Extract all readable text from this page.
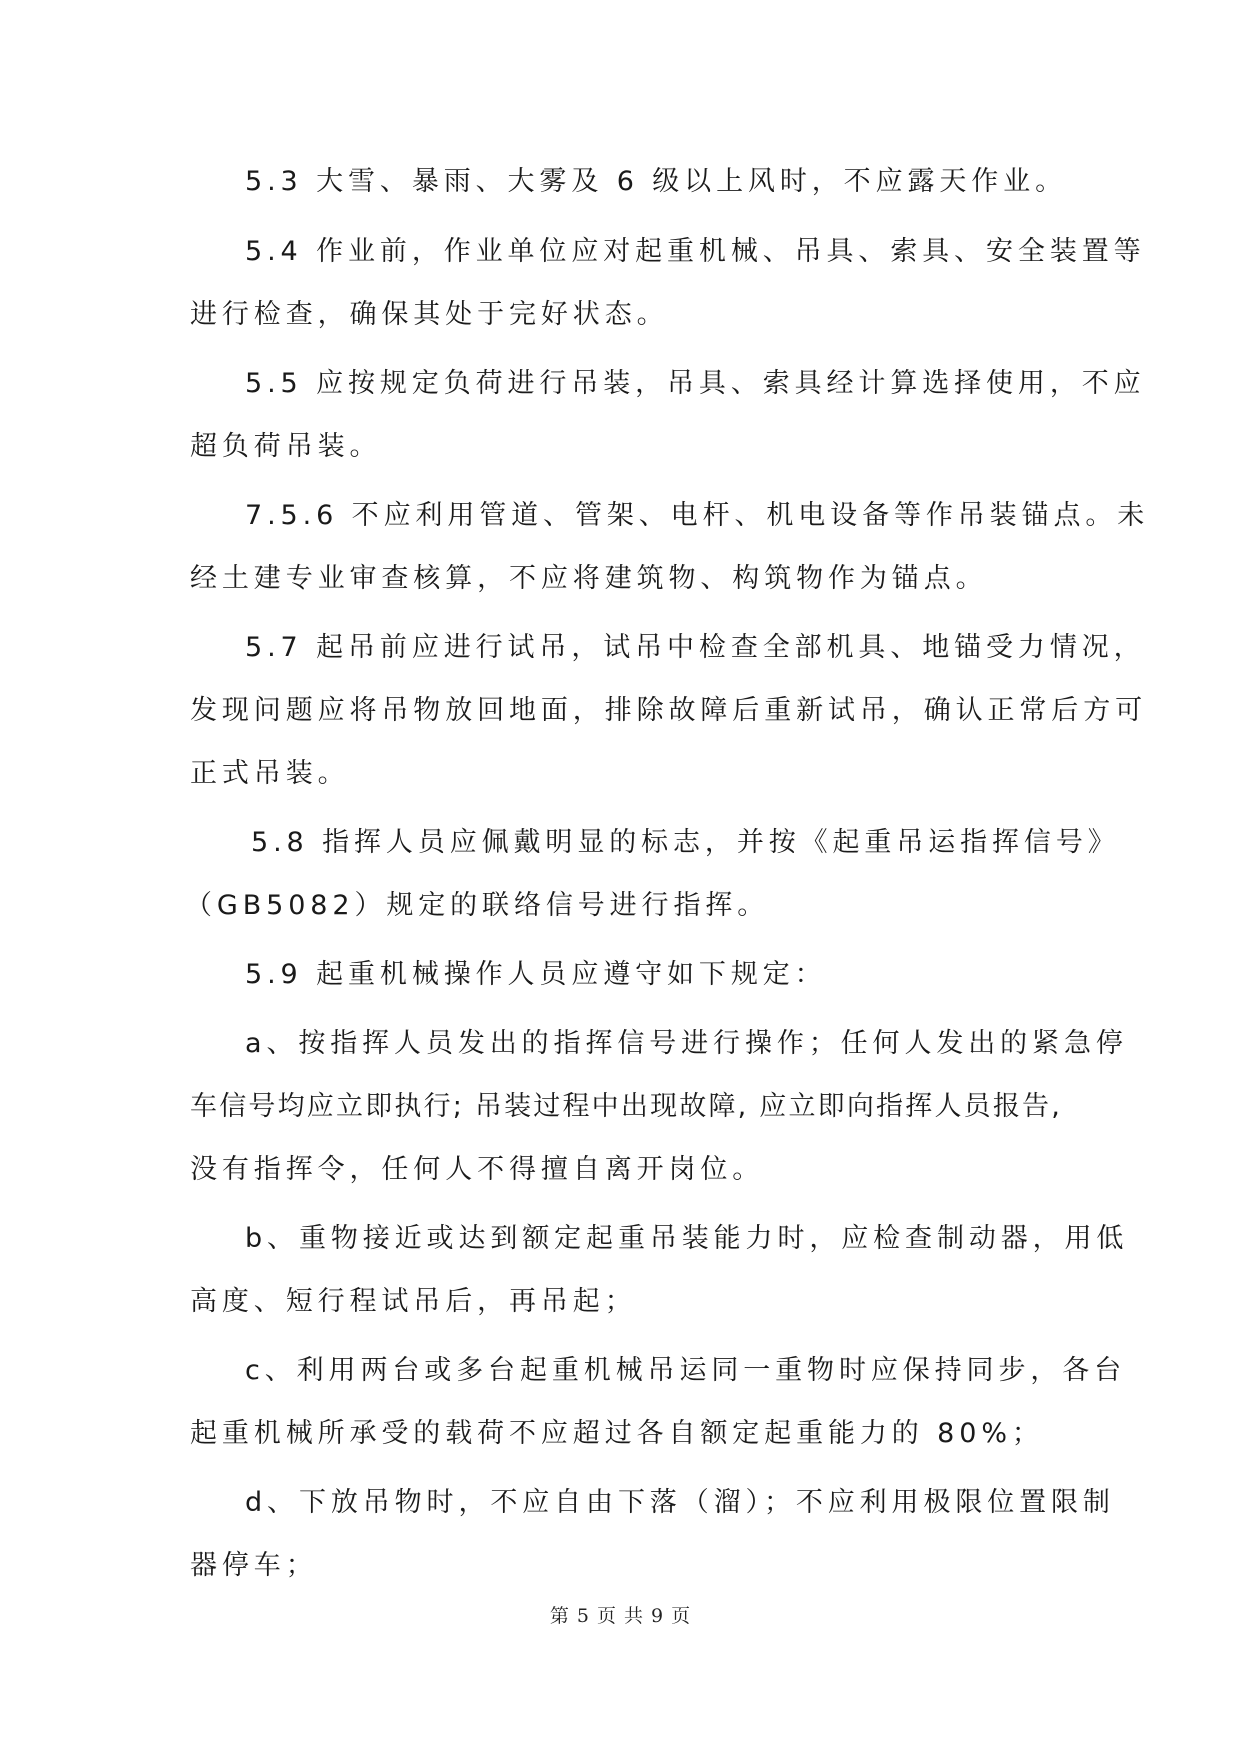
5.3 大雪、暴雨、大雾及 6 级以上风时，不应露天作业。
5.4 作业前，作业单位应对起重机械、吊具、索具、安全装置等
进行检查，确保其处于完好状态。
5.5 应按规定负荷进行吊装，吊具、索具经计算选择使用，不应
超负荷吊装。
7.5.6 不应利用管道、管架、电杆、机电设备等作吊装锚点。未
经土建专业审查核算，不应将建筑物、构筑物作为锚点。
5.7 起吊前应进行试吊，试吊中检查全部机具、地锚受力情况，
发现问题应将吊物放回地面，排除故障后重新试吊，确认正常后方可
正式吊装。
5.8 指挥人员应佩戴明显的标志，并按《起重吊运指挥信号》
（GB5082）规定的联络信号进行指挥。
5.9 起重机械操作人员应遵守如下规定：
a、按指挥人员发出的指挥信号进行操作；任何人发出的紧急停
车信号均应立即执行; 吊装过程中出现故障, 应立即向指挥人员报告,
没有指挥令，任何人不得擅自离开岗位。
b、重物接近或达到额定起重吊装能力时，应检查制动器，用低
高度、短行程试吊后，再吊起；
c、利用两台或多台起重机械吊运同一重物时应保持同步，各台
起重机械所承受的载荷不应超过各自额定起重能力的 80%；
d、下放吊物时，不应自由下落（溜）；不应利用极限位置限制
器停车；
第 5 页 共 9 页
